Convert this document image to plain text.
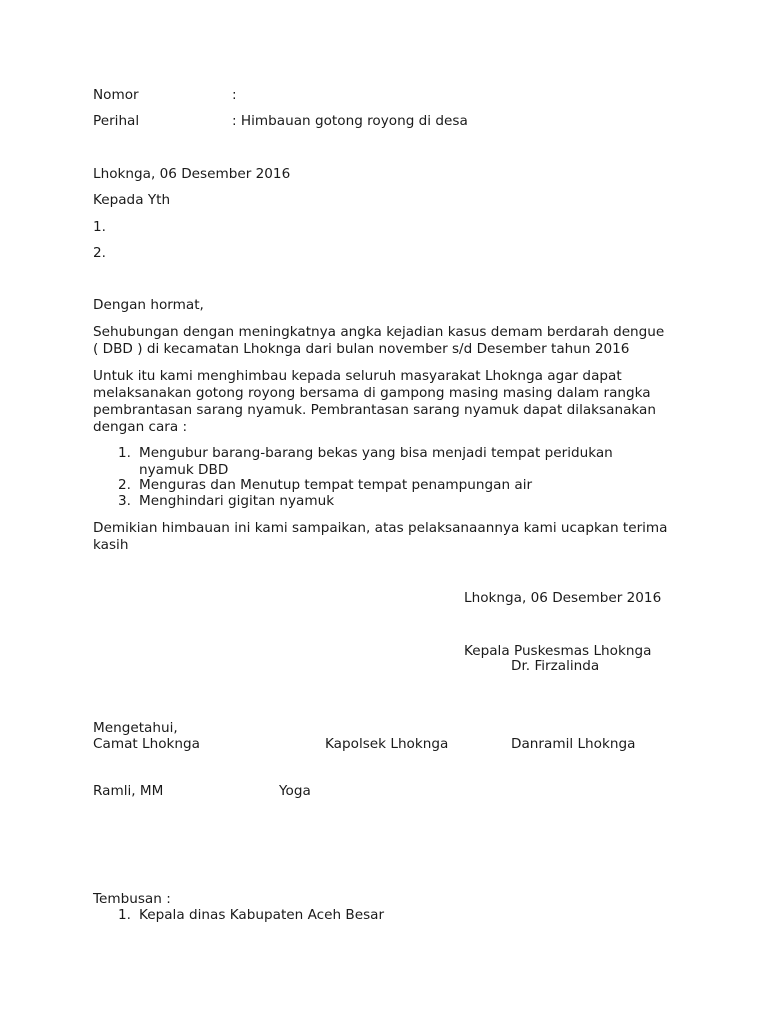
Nomor	:
Perihal	: Himbauan gotong royong di desa
Lhoknga, 06 Desember 2016
Kepada Yth
1.
2.
Dengan hormat,
Sehubungan dengan meningkatnya angka kejadian kasus demam berdarah dengue
( DBD ) di kecamatan Lhoknga dari bulan november s/d Desember tahun 2016
Untuk itu kami menghimbau kepada seluruh masyarakat Lhoknga agar dapat
melaksanakan gotong royong bersama di gampong masing masing dalam rangka
pembrantasan sarang nyamuk. Pembrantasan sarang nyamuk dapat dilaksanakan
dengan cara :
1. Mengubur barang-barang bekas yang bisa menjadi tempat peridukan
nyamuk DBD
2. Menguras dan Menutup tempat tempat penampungan air
3. Menghindari gigitan nyamuk
Demikian himbauan ini kami sampaikan, atas pelaksanaannya kami ucapkan terima
kasih
Lhoknga, 06 Desember 2016
Kepala Puskesmas Lhoknga
Dr. Firzalinda
Mengetahui,
Camat Lhoknga	Kapolsek Lhoknga	Danramil Lhoknga
Ramli, MM	Yoga
Tembusan :
1. Kepala dinas Kabupaten Aceh Besar
